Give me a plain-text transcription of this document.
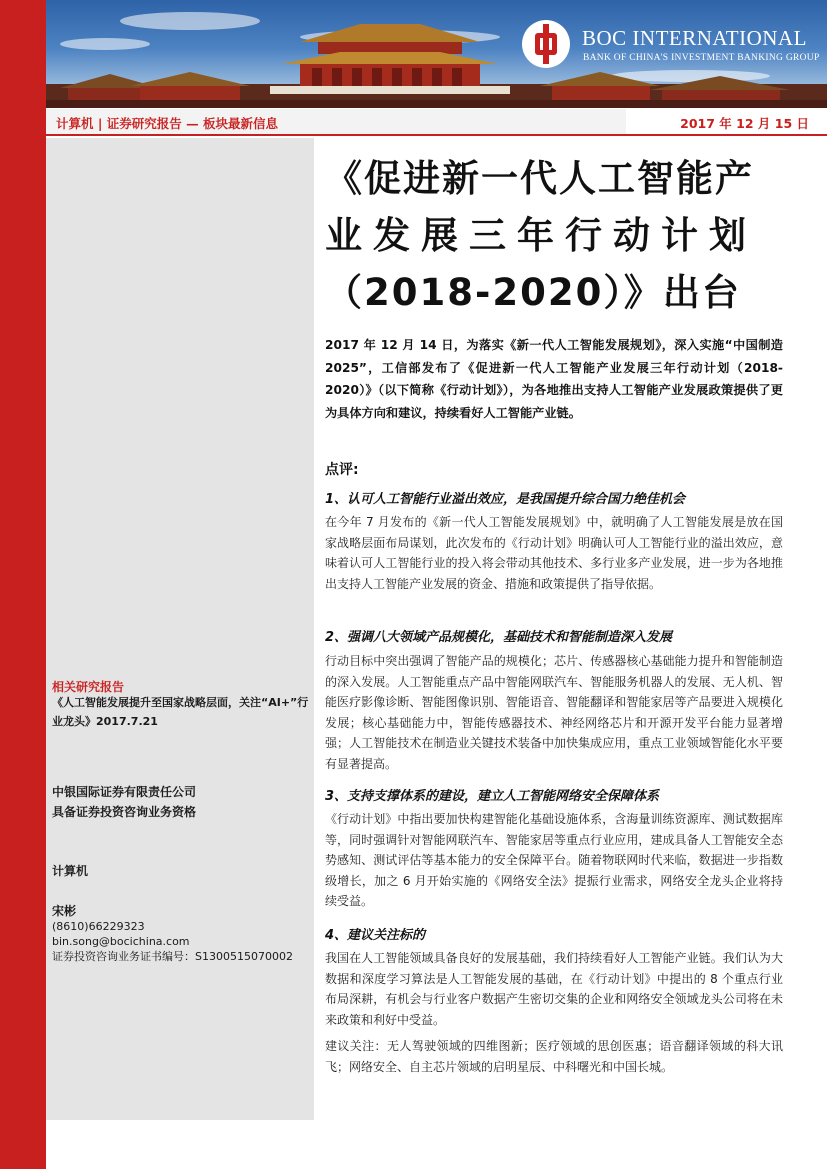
BOC INTERNATIONAL
BANK OF CHINA'S INVESTMENT BANKING GROUP
计算机 | 证券研究报告 — 板块最新信息	2017 年 12 月 15 日
相关研究报告
《人工智能发展提升至国家战略层面，关注“AI+”行业龙头》2017.7.21
中银国际证券有限责任公司
具备证券投资咨询业务资格
计算机
宋彬
(8610)66229323
bin.song@bocichina.com
证券投资咨询业务证书编号：S1300515070002
《促进新一代人工智能产
业发展三年行动计划
（2018-2020）》出台
2017 年 12 月 14 日，为落实《新一代人工智能发展规划》，深入实施“中国制造 2025”，工信部发布了《促进新一代人工智能产业发展三年行动计划（2018-2020）》（以下简称《行动计划》），为各地推出支持人工智能产业发展政策提供了更为具体方向和建议，持续看好人工智能产业链。
点评:
1、认可人工智能行业溢出效应，是我国提升综合国力绝佳机会
在今年 7 月发布的《新一代人工智能发展规划》中，就明确了人工智能发展是放在国家战略层面布局谋划，此次发布的《行动计划》明确认可人工智能行业的溢出效应，意味着认可人工智能行业的投入将会带动其他技术、多行业多产业发展，进一步为各地推出支持人工智能产业发展的资金、措施和政策提供了指导依据。
2、强调八大领域产品规模化，基础技术和智能制造深入发展
行动目标中突出强调了智能产品的规模化；芯片、传感器核心基础能力提升和智能制造的深入发展。人工智能重点产品中智能网联汽车、智能服务机器人的发展、无人机、智能医疗影像诊断、智能图像识别、智能语音、智能翻译和智能家居等产品要进入规模化发展；核心基础能力中，智能传感器技术、神经网络芯片和开源开发平台能力显著增强；人工智能技术在制造业关键技术装备中加快集成应用，重点工业领域智能化水平要有显著提高。
3、支持支撑体系的建设，建立人工智能网络安全保障体系
《行动计划》中指出要加快构建智能化基础设施体系，含海量训练资源库、测试数据库等，同时强调针对智能网联汽车、智能家居等重点行业应用，建成具备人工智能安全态势感知、测试评估等基本能力的安全保障平台。随着物联网时代来临，数据进一步指数级增长，加之 6 月开始实施的《网络安全法》提振行业需求，网络安全龙头企业将持续受益。
4、建议关注标的
我国在人工智能领域具备良好的发展基础，我们持续看好人工智能产业链。我们认为大数据和深度学习算法是人工智能发展的基础，在《行动计划》中提出的 8 个重点行业布局深耕，有机会与行业客户数据产生密切交集的企业和网络安全领域龙头公司将在未来政策和利好中受益。
建议关注：无人驾驶领域的四维图新；医疗领域的思创医惠；语音翻译领域的科大讯飞；网络安全、自主芯片领域的启明星辰、中科曙光和中国长城。
